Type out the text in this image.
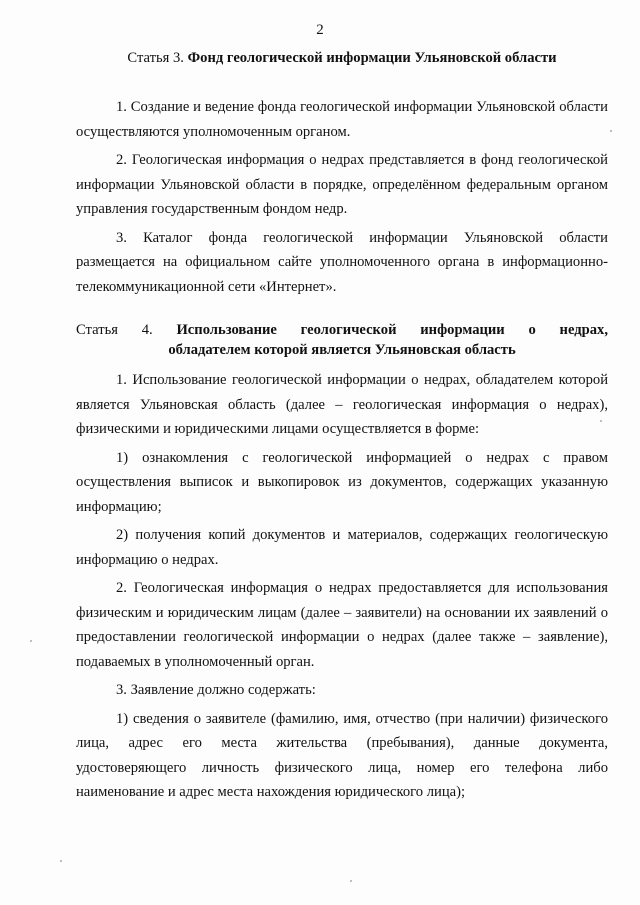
2
Статья 3. Фонд геологической информации Ульяновской области

1. Создание и ведение фонда геологической информации Ульяновской области осуществляются уполномоченным органом.

2. Геологическая информация о недрах представляется в фонд геологической информации Ульяновской области в порядке, определённом федеральным органом управления государственным фондом недр.

3. Каталог фонда геологической информации Ульяновской области размещается на официальном сайте уполномоченного органа в информационно-телекоммуникационной сети «Интернет».

Статья 4. Использование геологической информации о недрах,
обладателем которой является Ульяновская область

1. Использование геологической информации о недрах, обладателем которой является Ульяновская область (далее – геологическая информация о недрах), физическими и юридическими лицами осуществляется в форме:

1) ознакомления с геологической информацией о недрах с правом осуществления выписок и выкопировок из документов, содержащих указанную информацию;

2) получения копий документов и материалов, содержащих геологическую информацию о недрах.

2. Геологическая информация о недрах предоставляется для использования физическим и юридическим лицам (далее – заявители) на основании их заявлений о предоставлении геологической информации о недрах (далее также – заявление), подаваемых в уполномоченный орган.

3. Заявление должно содержать:

1) сведения о заявителе (фамилию, имя, отчество (при наличии) физического лица, адрес его места жительства (пребывания), данные документа, удостоверяющего личность физического лица, номер его телефона либо наименование и адрес места нахождения юридического лица);
